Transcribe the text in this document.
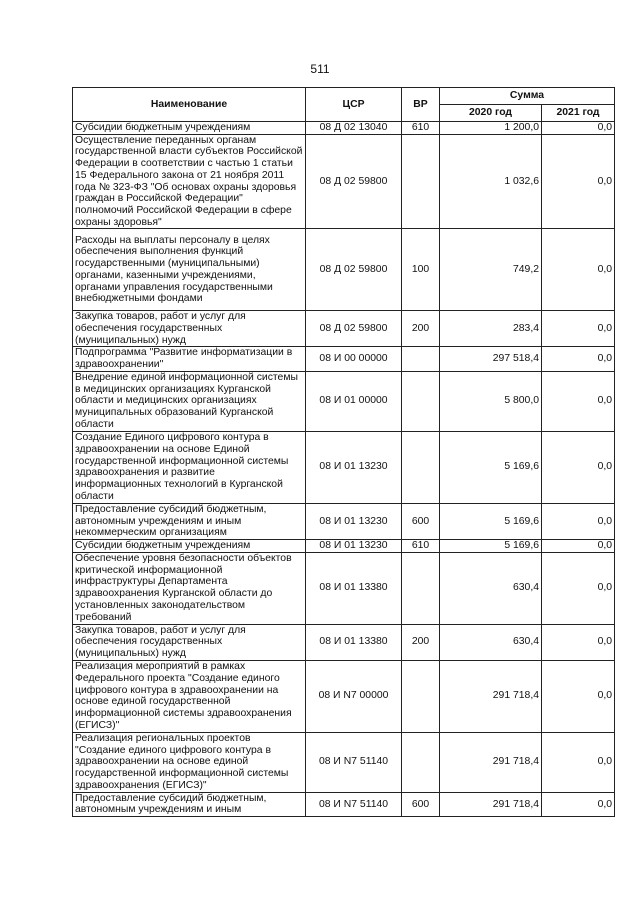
511
Наименование	ЦСР	ВР	Сумма	
			2020 год	2021 год
Субсидии бюджетным учреждениям	08 Д 02 13040	610	1 200,0	0,0
Осуществление переданных органам государственной власти субъектов Российской Федерации в соответствии с частью 1 статьи 15 Федерального закона от 21 ноября 2011 года № 323-ФЗ "Об основах охраны здоровья граждан в Российской Федерации" полномочий Российской Федерации в сфере охраны здоровья"	08 Д 02 59800		1 032,6	0,0
Расходы на выплаты персоналу в целях обеспечения выполнения функций государственными (муниципальными) органами, казенными учреждениями, органами управления государственными внебюджетными фондами	08 Д 02 59800	100	749,2	0,0
Закупка товаров, работ и услуг для обеспечения государственных (муниципальных) нужд	08 Д 02 59800	200	283,4	0,0
Подпрограмма "Развитие информатизации в здравоохранении"	08 И 00 00000		297 518,4	0,0
Внедрение единой информационной системы в медицинских организациях Курганской области и медицинских организациях муниципальных образований Курганской области	08 И 01 00000		5 800,0	0,0
Создание Единого цифрового контура в здравоохранении на основе Единой государственной информационной системы здравоохранения и развитие информационных технологий в Курганской области	08 И 01 13230		5 169,6	0,0
Предоставление субсидий бюджетным, автономным учреждениям и иным некоммерческим организациям	08 И 01 13230	600	5 169,6	0,0
Субсидии бюджетным учреждениям	08 И 01 13230	610	5 169,6	0,0
Обеспечение уровня безопасности объектов критической информационной инфраструктуры Департамента здравоохранения Курганской области до установленных законодательством требований	08 И 01 13380		630,4	0,0
Закупка товаров, работ и услуг для обеспечения государственных (муниципальных) нужд	08 И 01 13380	200	630,4	0,0
Реализация мероприятий в рамках Федерального проекта "Создание единого цифрового контура в здравоохранении на основе единой государственной информационной системы здравоохранения (ЕГИСЗ)"	08 И N7 00000		291 718,4	0,0
Реализация региональных проектов "Создание единого цифрового контура в здравоохранении на основе единой государственной информационной системы здравоохранения (ЕГИСЗ)"	08 И N7 51140		291 718,4	0,0
Предоставление субсидий бюджетным, автономным учреждениям и иным	08 И N7 51140	600	291 718,4	0,0
